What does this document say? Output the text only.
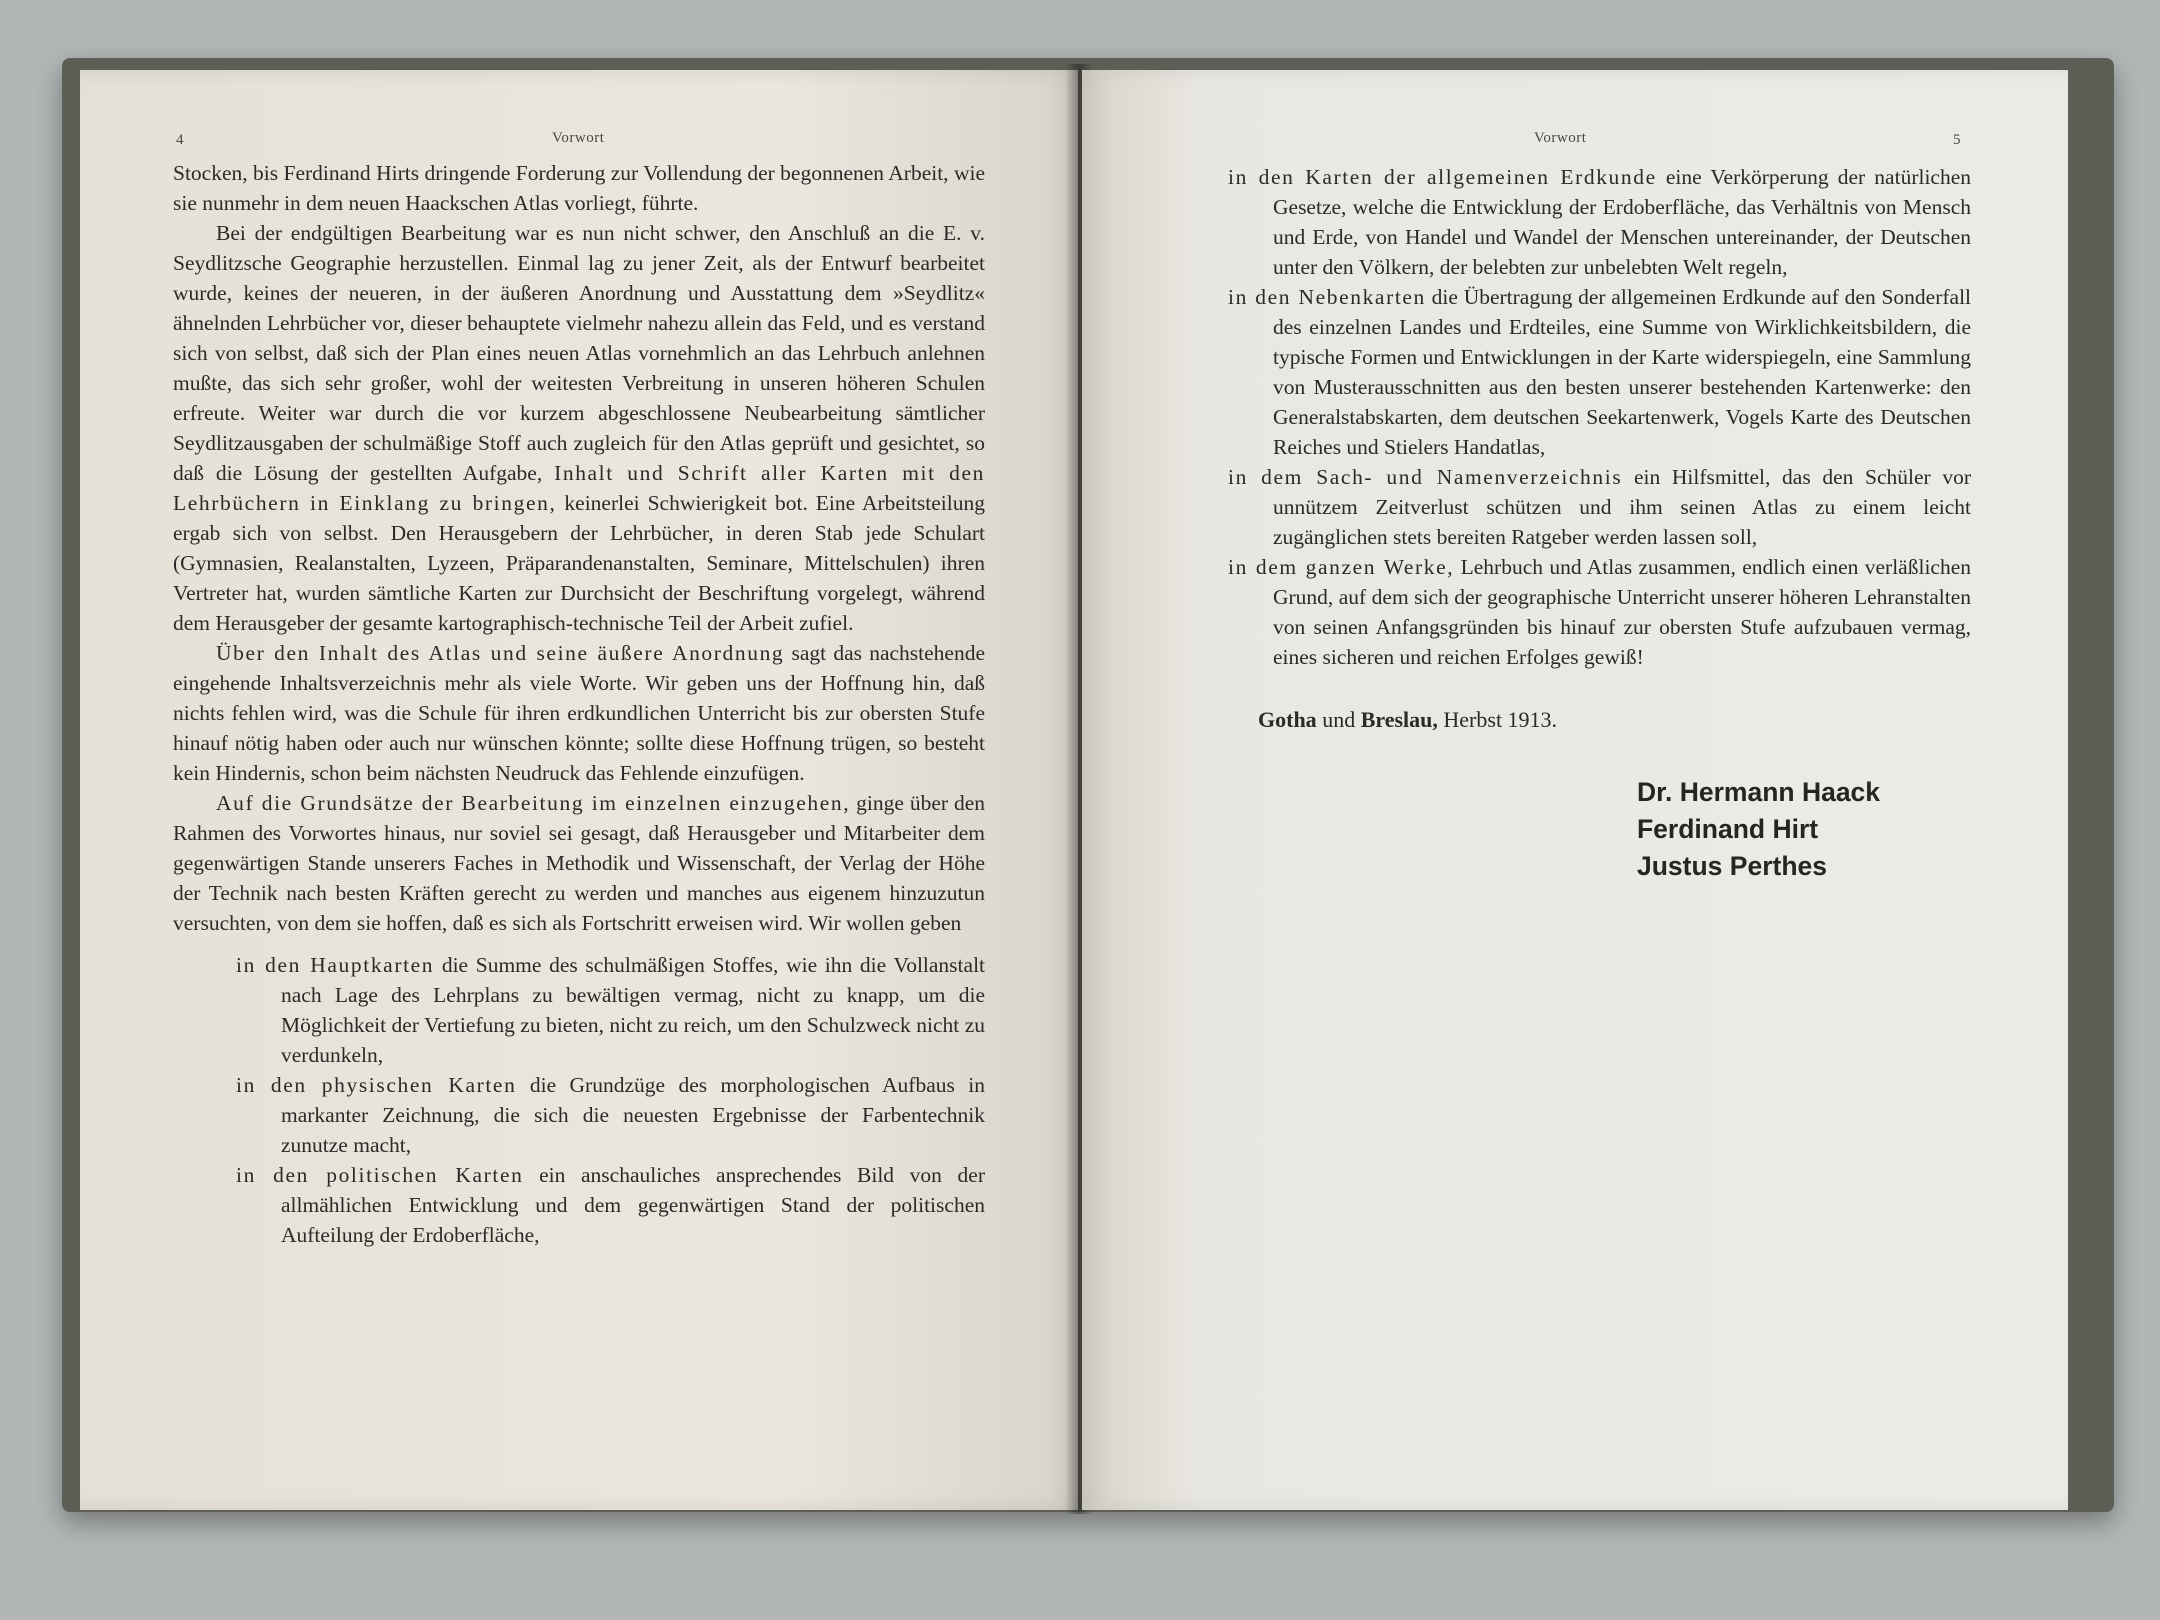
4	Vorwort

Stocken, bis Ferdinand Hirts dringende Forderung zur Vollendung der begonnenen Arbeit, wie sie nunmehr in dem neuen Haackschen Atlas vorliegt, führte.

Bei der endgültigen Bearbeitung war es nun nicht schwer, den Anschluß an die E. v. Seydlitzsche Geographie herzustellen. Einmal lag zu jener Zeit, als der Entwurf bearbeitet wurde, keines der neueren, in der äußeren Anordnung und Ausstattung dem »Seydlitz« ähnelnden Lehrbücher vor, dieser behauptete vielmehr nahezu allein das Feld, und es verstand sich von selbst, daß sich der Plan eines neuen Atlas vornehmlich an das Lehrbuch anlehnen mußte, das sich sehr großer, wohl der weitesten Verbreitung in unseren höheren Schulen erfreute. Weiter war durch die vor kurzem abgeschlossene Neubearbeitung sämtlicher Seydlitzausgaben der schulmäßige Stoff auch zugleich für den Atlas geprüft und gesichtet, so daß die Lösung der gestellten Aufgabe, Inhalt und Schrift aller Karten mit den Lehrbüchern in Einklang zu bringen, keinerlei Schwierigkeit bot. Eine Arbeitsteilung ergab sich von selbst. Den Herausgebern der Lehrbücher, in deren Stab jede Schulart (Gymnasien, Realanstalten, Lyzeen, Präparandenanstalten, Seminare, Mittelschulen) ihren Vertreter hat, wurden sämtliche Karten zur Durchsicht der Beschriftung vorgelegt, während dem Herausgeber der gesamte kartographisch-technische Teil der Arbeit zufiel.

Über den Inhalt des Atlas und seine äußere Anordnung sagt das nachstehende eingehende Inhaltsverzeichnis mehr als viele Worte. Wir geben uns der Hoffnung hin, daß nichts fehlen wird, was die Schule für ihren erdkundlichen Unterricht bis zur obersten Stufe hinauf nötig haben oder auch nur wünschen könnte; sollte diese Hoffnung trügen, so besteht kein Hindernis, schon beim nächsten Neudruck das Fehlende einzufügen.

Auf die Grundsätze der Bearbeitung im einzelnen einzugehen, ginge über den Rahmen des Vorwortes hinaus, nur soviel sei gesagt, daß Herausgeber und Mitarbeiter dem gegenwärtigen Stande unserers Faches in Methodik und Wissenschaft, der Verlag der Höhe der Technik nach besten Kräften gerecht zu werden und manches aus eigenem hinzuzutun versuchten, von dem sie hoffen, daß es sich als Fortschritt erweisen wird. Wir wollen geben

in den Hauptkarten die Summe des schulmäßigen Stoffes, wie ihn die Vollanstalt nach Lage des Lehrplans zu bewältigen vermag, nicht zu knapp, um die Möglichkeit der Vertiefung zu bieten, nicht zu reich, um den Schulzweck nicht zu verdunkeln,

in den physischen Karten die Grundzüge des morphologischen Aufbaus in markanter Zeichnung, die sich die neuesten Ergebnisse der Farbentechnik zunutze macht,

in den politischen Karten ein anschauliches ansprechendes Bild von der allmählichen Entwicklung und dem gegenwärtigen Stand der politischen Aufteilung der Erdoberfläche,

Vorwort	5

in den Karten der allgemeinen Erdkunde eine Verkörperung der natürlichen Gesetze, welche die Entwicklung der Erdoberfläche, das Verhältnis von Mensch und Erde, von Handel und Wandel der Menschen untereinander, der Deutschen unter den Völkern, der belebten zur unbelebten Welt regeln,

in den Nebenkarten die Übertragung der allgemeinen Erdkunde auf den Sonderfall des einzelnen Landes und Erdteiles, eine Summe von Wirklichkeitsbildern, die typische Formen und Entwicklungen in der Karte widerspiegeln, eine Sammlung von Musterausschnitten aus den besten unserer bestehenden Kartenwerke: den Generalstabskarten, dem deutschen Seekartenwerk, Vogels Karte des Deutschen Reiches und Stielers Handatlas,

in dem Sach- und Namenverzeichnis ein Hilfsmittel, das den Schüler vor unnützem Zeitverlust schützen und ihm seinen Atlas zu einem leicht zugänglichen stets bereiten Ratgeber werden lassen soll,

in dem ganzen Werke, Lehrbuch und Atlas zusammen, endlich einen verläßlichen Grund, auf dem sich der geographische Unterricht unserer höheren Lehranstalten von seinen Anfangsgründen bis hinauf zur obersten Stufe aufzubauen vermag, eines sicheren und reichen Erfolges gewiß!

Gotha und Breslau, Herbst 1913.

Dr. Hermann Haack
Ferdinand Hirt
Justus Perthes
